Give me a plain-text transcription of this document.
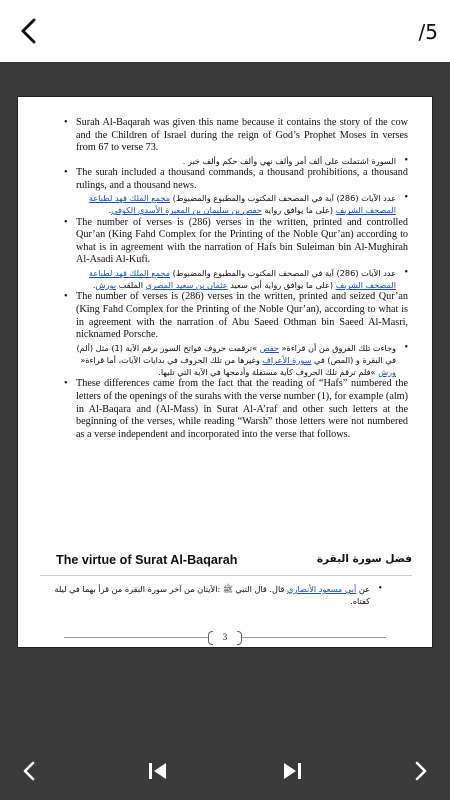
/5
• Surah Al-Baqarah was given this name because it contains the story of the cow and the Children of Israel during the reign of God’s Prophet Moses in verses from 67 to verse 73.
• السورة اشتملت على ألف أمر وألف نهي وألف حكم وألف خبر .
• The surah included a thousand commands, a thousand prohibitions, a thousand rulings, and a thousand news.
• عدد الآيات (286) آية في المصحف المكتوب والمطبوع والمضبوط) مجمع الملك فهد لطباعة المصحف الشريف (على ما يوافق رواية حفص بن سليمان بن المغيرة الأسدي الكوفي.
• The number of verses is (286) verses in the written, printed and controlled Qur’an (King Fahd Complex for the Printing of the Noble Qur’an) according to what is in agreement with the narration of Hafs bin Suleiman bin Al-Mughirah Al-Asadi Al-Kufi.
• عدد الآيات (286) آية في المصحف المكتوب والمطبوع والمضبوط) مجمع الملك فهد لطباعة المصحف الشريف (على ما يوافق رواية أبي سعيد عثمان بن سعيد المصري الملقب بورش.
• The number of verses is (286) verses in the written, printed and seized Qur’an (King Fahd Complex for the Printing of the Noble Qur’an), according to what is in agreement with the narration of Abu Saeed Othman bin Saeed Al-Masri, nicknamed Porsche.
• وجاءت تلك الفروق من أن قراءة« حفص »ترقمت حروف فواتح السور برقم الآية (1) مثل (ألم) في البقرة و (المص) في سورة الأعراف وغيرها من تلك الحروف في بدايات الآيات، أما قراءة« ورش »فلم ترقم تلك الحروف كآية مستقلة وأدمجها في الآية التي تليها.
• These differences came from the fact that the reading of “Hafs” numbered the letters of the openings of the surahs with the verse number (1), for example (alm) in Al-Baqara and (Al-Mass) in Surat Al-A’raf and other such letters at the beginning of the verses, while reading “Warsh” those letters were not numbered as a verse independent and incorporated into the verse that follows.
The virtue of Surat Al-Baqarah	فضل سورة البقرة
• عن أبي مسعود الأنصاري قال. قال النبي ﷺ :الآيتان من آخر سورة البقرة من قرأ بهما في ليلة كفتاه.
3
